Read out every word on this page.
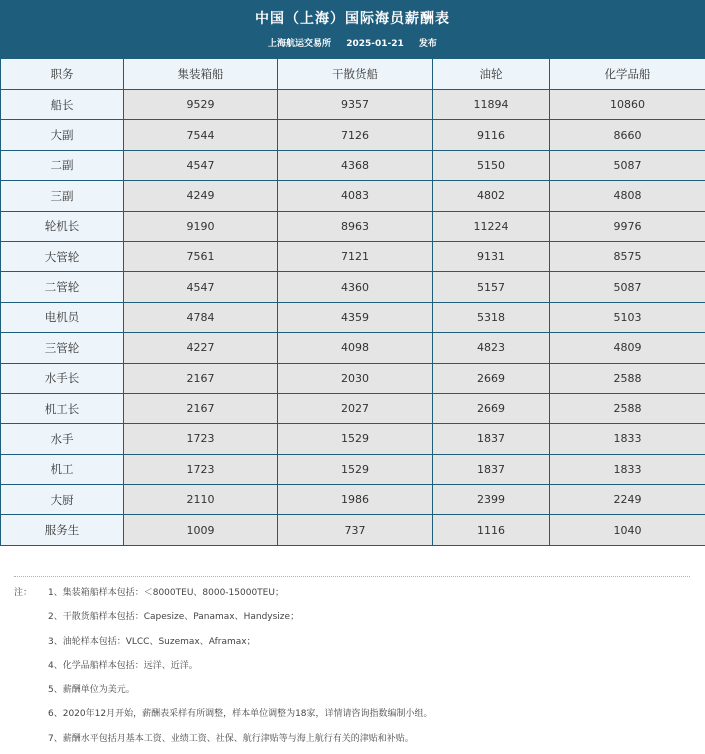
中国（上海）国际海员薪酬表
上海航运交易所 2025-01-21 发布
职务	集装箱船	干散货船	油轮	化学品船
船长	9529	9357	11894	10860
大副	7544	7126	9116	8660
二副	4547	4368	5150	5087
三副	4249	4083	4802	4808
轮机长	9190	8963	11224	9976
大管轮	7561	7121	9131	8575
二管轮	4547	4360	5157	5087
电机员	4784	4359	5318	5103
三管轮	4227	4098	4823	4809
水手长	2167	2030	2669	2588
机工长	2167	2027	2669	2588
水手	1723	1529	1837	1833
机工	1723	1529	1837	1833
大厨	2110	1986	2399	2249
服务生	1009	737	1116	1040
注： 1、集装箱船样本包括：＜8000TEU、8000-15000TEU；
2、干散货船样本包括：Capesize、Panamax、Handysize；
3、油轮样本包括：VLCC、Suzemax、Aframax；
4、化学品船样本包括：远洋、近洋。
5、薪酬单位为美元。
6、2020年12月开始，薪酬表采样有所调整，样本单位调整为18家，详情请咨询指数编制小组。
7、薪酬水平包括月基本工资、业绩工资、社保、航行津贴等与海上航行有关的津贴和补贴。
